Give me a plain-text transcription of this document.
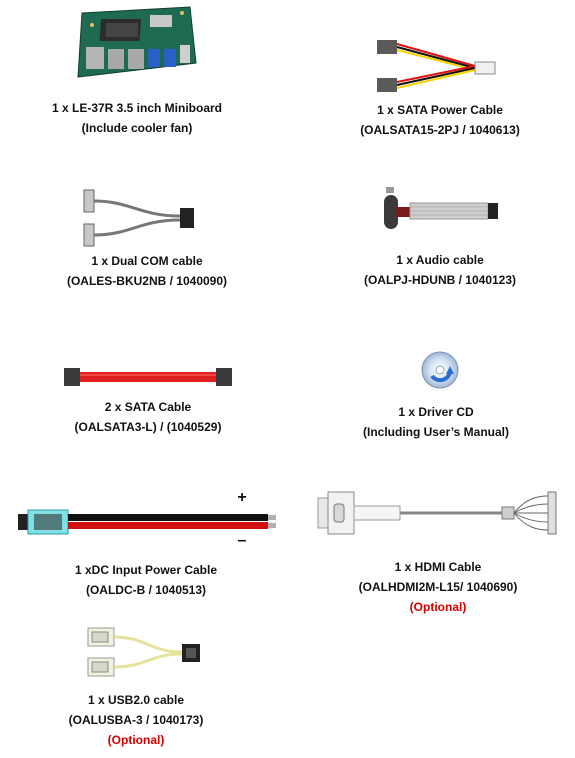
1 x LE-37R 3.5 inch Miniboard
(Include cooler fan)
1 x SATA Power Cable
(OALSATA15-2PJ / 1040613)
1 x Dual COM cable
(OALES-BKU2NB / 1040090)
1 x Audio cable
(OALPJ-HDUNB / 1040123)
2 x SATA Cable
(OALSATA3-L) / (1040529)
1 x Driver CD
(Including User’s Manual)
+
–
1 xDC Input Power Cable
(OALDC-B / 1040513)
1 x HDMI Cable
(OALHDMI2M-L15/ 1040690)
(Optional)
1 x USB2.0 cable
(OALUSBA-3 / 1040173)
(Optional)
